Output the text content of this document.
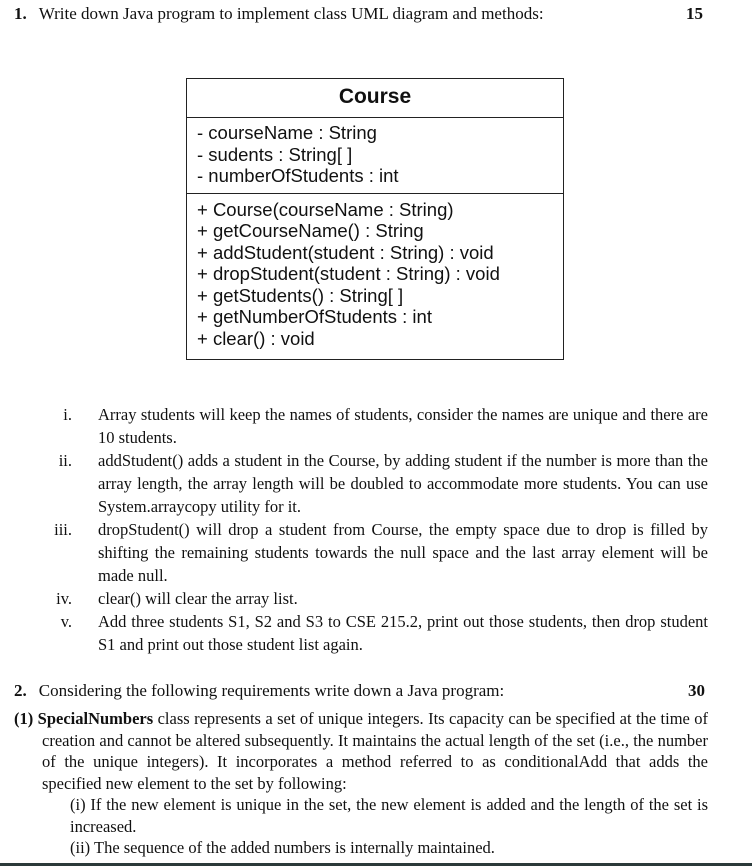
1. Write down Java program to implement class UML diagram and methods:	15
Course
- courseName : String
- sudents : String[ ]
- numberOfStudents : int
+ Course(courseName : String)
+ getCourseName() : String
+ addStudent(student : String) : void
+ dropStudent(student : String) : void
+ getStudents() : String[ ]
+ getNumberOfStudents : int
+ clear() : void
i. Array students will keep the names of students, consider the names are unique and there are 10 students.
ii. addStudent() adds a student in the Course, by adding student if the number is more than the array length, the array length will be doubled to accommodate more students. You can use System.arraycopy utility for it.
iii. dropStudent() will drop a student from Course, the empty space due to drop is filled by shifting the remaining students towards the null space and the last array element will be made null.
iv. clear() will clear the array list.
v. Add three students S1, S2 and S3 to CSE 215.2, print out those students, then drop student S1 and print out those student list again.
2. Considering the following requirements write down a Java program:	30

(1) SpecialNumbers class represents a set of unique integers. Its capacity can be specified at the time of creation and cannot be altered subsequently. It maintains the actual length of the set (i.e., the number of the unique integers). It incorporates a method referred to as conditionalAdd that adds the specified new element to the set by following:

(i) If the new element is unique in the set, the new element is added and the length of the set is increased.

(ii) The sequence of the added numbers is internally maintained.
